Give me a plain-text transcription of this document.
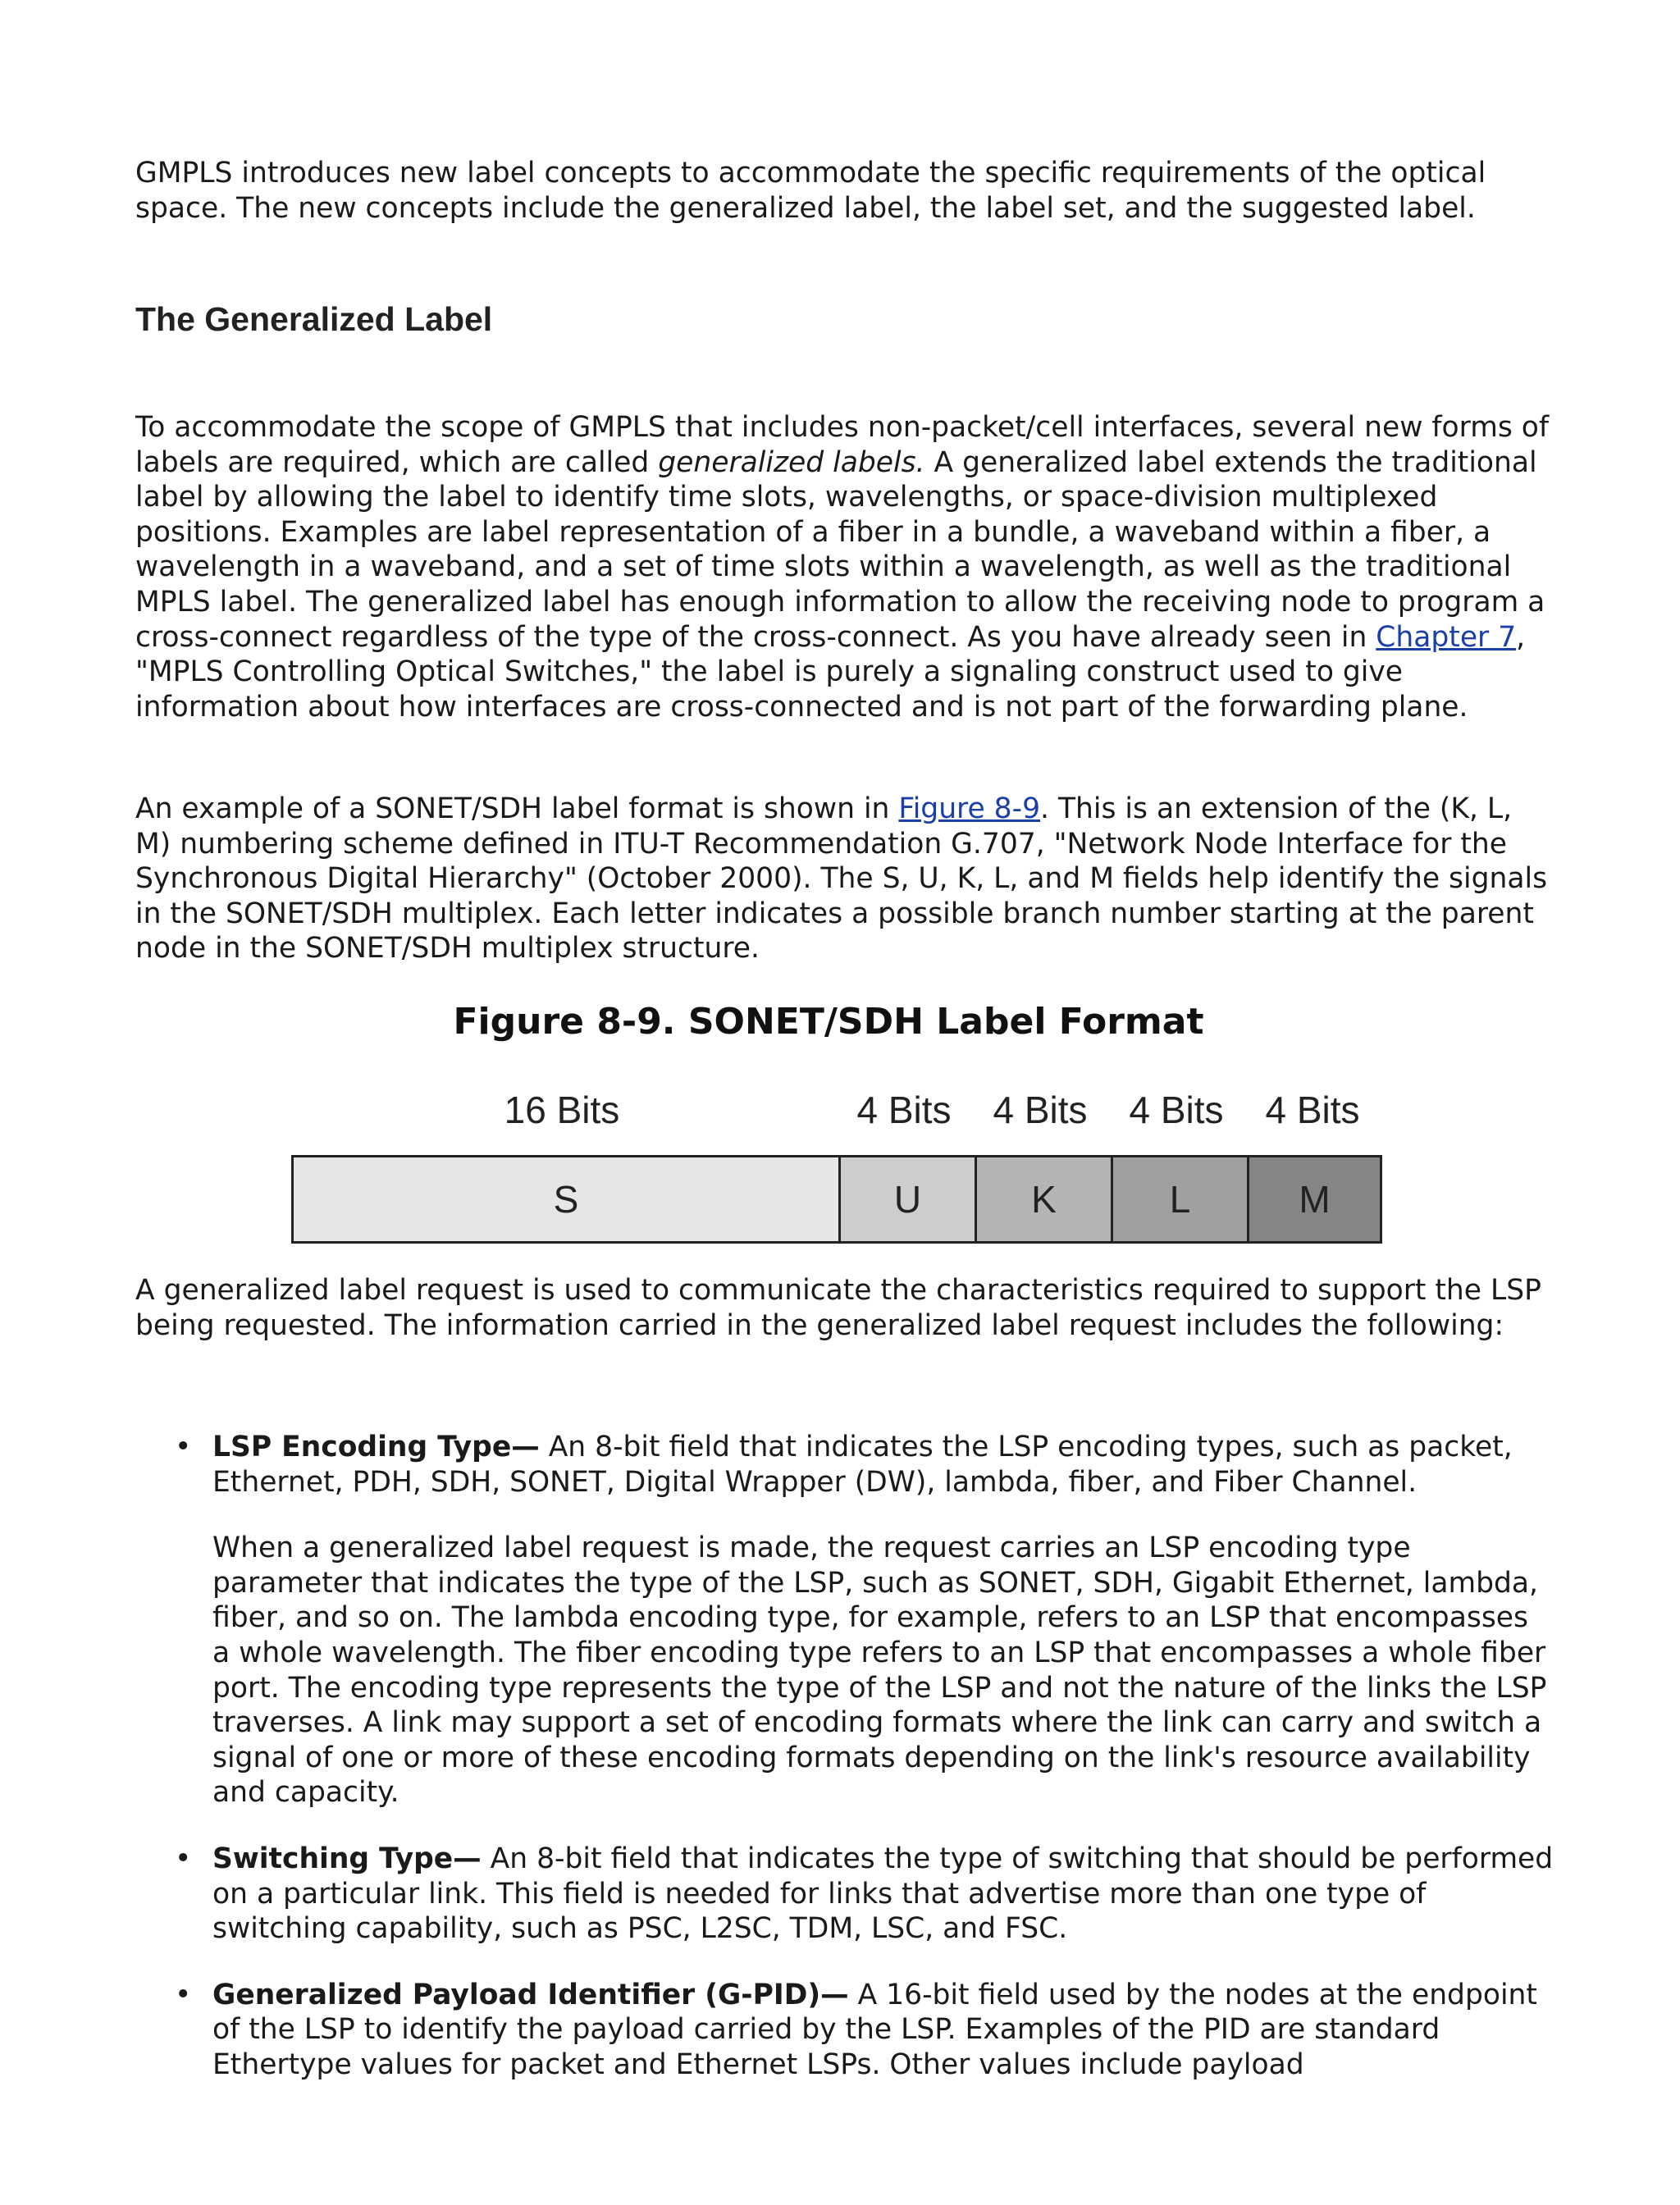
GMPLS introduces new label concepts to accommodate the specific requirements of the optical space. The new concepts include the generalized label, the label set, and the suggested label.

The Generalized Label

To accommodate the scope of GMPLS that includes non-packet/cell interfaces, several new forms of labels are required, which are called generalized labels. A generalized label extends the traditional label by allowing the label to identify time slots, wavelengths, or space-division multiplexed positions. Examples are label representation of a fiber in a bundle, a waveband within a fiber, a wavelength in a waveband, and a set of time slots within a wavelength, as well as the traditional MPLS label. The generalized label has enough information to allow the receiving node to program a cross-connect regardless of the type of the cross-connect. As you have already seen in Chapter 7, "MPLS Controlling Optical Switches," the label is purely a signaling construct used to give information about how interfaces are cross-connected and is not part of the forwarding plane.

An example of a SONET/SDH label format is shown in Figure 8-9. This is an extension of the (K, L, M) numbering scheme defined in ITU-T Recommendation G.707, "Network Node Interface for the Synchronous Digital Hierarchy" (October 2000). The S, U, K, L, and M fields help identify the signals in the SONET/SDH multiplex. Each letter indicates a possible branch number starting at the parent node in the SONET/SDH multiplex structure.

Figure 8-9. SONET/SDH Label Format
16 Bits	4 Bits	4 Bits	4 Bits	4 Bits
S	U	K	L	M

A generalized label request is used to communicate the characteristics required to support the LSP being requested. The information carried in the generalized label request includes the following:

• LSP Encoding Type— An 8-bit field that indicates the LSP encoding types, such as packet, Ethernet, PDH, SDH, SONET, Digital Wrapper (DW), lambda, fiber, and Fiber Channel.

When a generalized label request is made, the request carries an LSP encoding type parameter that indicates the type of the LSP, such as SONET, SDH, Gigabit Ethernet, lambda, fiber, and so on. The lambda encoding type, for example, refers to an LSP that encompasses a whole wavelength. The fiber encoding type refers to an LSP that encompasses a whole fiber port. The encoding type represents the type of the LSP and not the nature of the links the LSP traverses. A link may support a set of encoding formats where the link can carry and switch a signal of one or more of these encoding formats depending on the link's resource availability and capacity.

• Switching Type— An 8-bit field that indicates the type of switching that should be performed on a particular link. This field is needed for links that advertise more than one type of switching capability, such as PSC, L2SC, TDM, LSC, and FSC.
• Generalized Payload Identifier (G-PID)— A 16-bit field used by the nodes at the endpoint of the LSP to identify the payload carried by the LSP. Examples of the PID are standard Ethertype values for packet and Ethernet LSPs. Other values include payload
